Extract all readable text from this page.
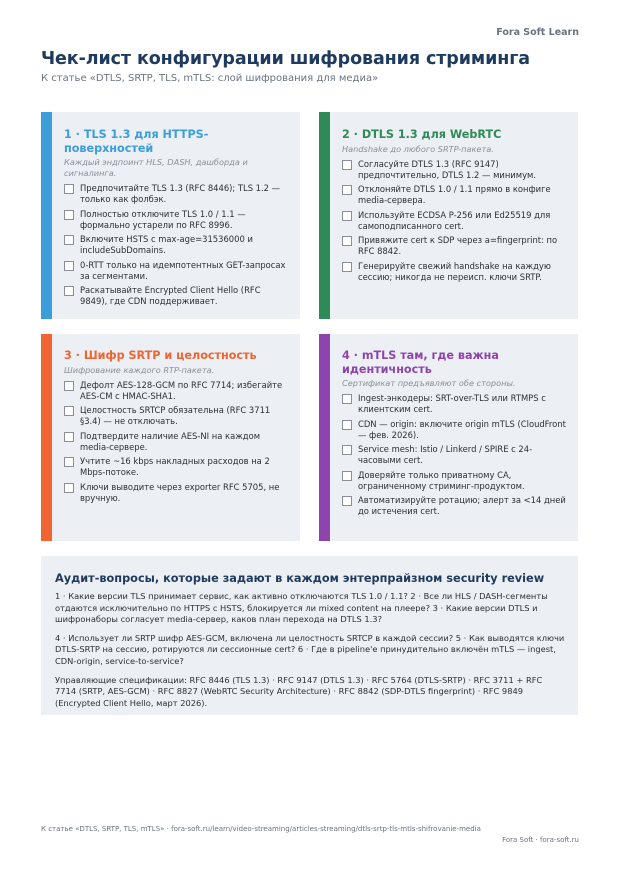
Fora Soft Learn
Чек-лист конфигурации шифрования стриминга
К статье «DTLS, SRTP, TLS, mTLS: слой шифрования для медиа»
1 · TLS 1.3 для HTTPS-поверхностей
Каждый эндпоинт HLS, DASH, дашборда и сигналинга.
Предпочитайте TLS 1.3 (RFC 8446); TLS 1.2 — только как фолбэк.
Полностью отключите TLS 1.0 / 1.1 — формально устарели по RFC 8996.
Включите HSTS с max-age=31536000 и includeSubDomains.
0-RTT только на идемпотентных GET-запросах за сегментами.
Раскатывайте Encrypted Client Hello (RFC 9849), где CDN поддерживает.
2 · DTLS 1.3 для WebRTC
Handshake до любого SRTP-пакета.
Согласуйте DTLS 1.3 (RFC 9147) предпочтительно, DTLS 1.2 — минимум.
Отклоняйте DTLS 1.0 / 1.1 прямо в конфиге media-сервера.
Используйте ECDSA P-256 или Ed25519 для самоподписанного cert.
Привяжите cert к SDP через a=fingerprint: по RFC 8842.
Генерируйте свежий handshake на каждую сессию; никогда не переисп. ключи SRTP.
3 · Шифр SRTP и целостность
Шифрование каждого RTP-пакета.
Дефолт AES-128-GCM по RFC 7714; избегайте AES-CM с HMAC-SHA1.
Целостность SRTCP обязательна (RFC 3711 §3.4) — не отключать.
Подтвердите наличие AES-NI на каждом media-сервере.
Учтите ~16 kbps накладных расходов на 2 Mbps-потоке.
Ключи выводите через exporter RFC 5705, не вручную.
4 · mTLS там, где важна идентичность
Сертификат предъявляют обе стороны.
Ingest-энкодеры: SRT-over-TLS или RTMPS с клиентским cert.
CDN — origin: включите origin mTLS (CloudFront — фев. 2026).
Service mesh: Istio / Linkerd / SPIRE с 24-часовыми cert.
Доверяйте только приватному CA, ограниченному стриминг-продуктом.
Автоматизируйте ротацию; алерт за <14 дней до истечения cert.
Аудит-вопросы, которые задают в каждом энтерпрайзном security review

1 · Какие версии TLS принимает сервис, как активно отключаются TLS 1.0 / 1.1? 2 · Все ли HLS / DASH-сегменты отдаются исключительно по HTTPS с HSTS, блокируется ли mixed content на плеере? 3 · Какие версии DTLS и шифронаборы согласует media-сервер, каков план перехода на DTLS 1.3?

4 · Использует ли SRTP шифр AES-GCM, включена ли целостность SRTCP в каждой сессии? 5 · Как выводятся ключи DTLS-SRTP на сессию, ротируются ли сессионные cert? 6 · Где в pipeline'е принудительно включён mTLS — ingest, CDN-origin, service-to-service?

Управляющие спецификации: RFC 8446 (TLS 1.3) · RFC 9147 (DTLS 1.3) · RFC 5764 (DTLS-SRTP) · RFC 3711 + RFC 7714 (SRTP, AES-GCM) · RFC 8827 (WebRTC Security Architecture) · RFC 8842 (SDP-DTLS fingerprint) · RFC 9849 (Encrypted Client Hello, март 2026).

К статье «DTLS, SRTP, TLS, mTLS» · fora-soft.ru/learn/video-streaming/articles-streaming/dtls-srtp-tls-mtls-shifrovanie-media
Fora Soft · fora-soft.ru
